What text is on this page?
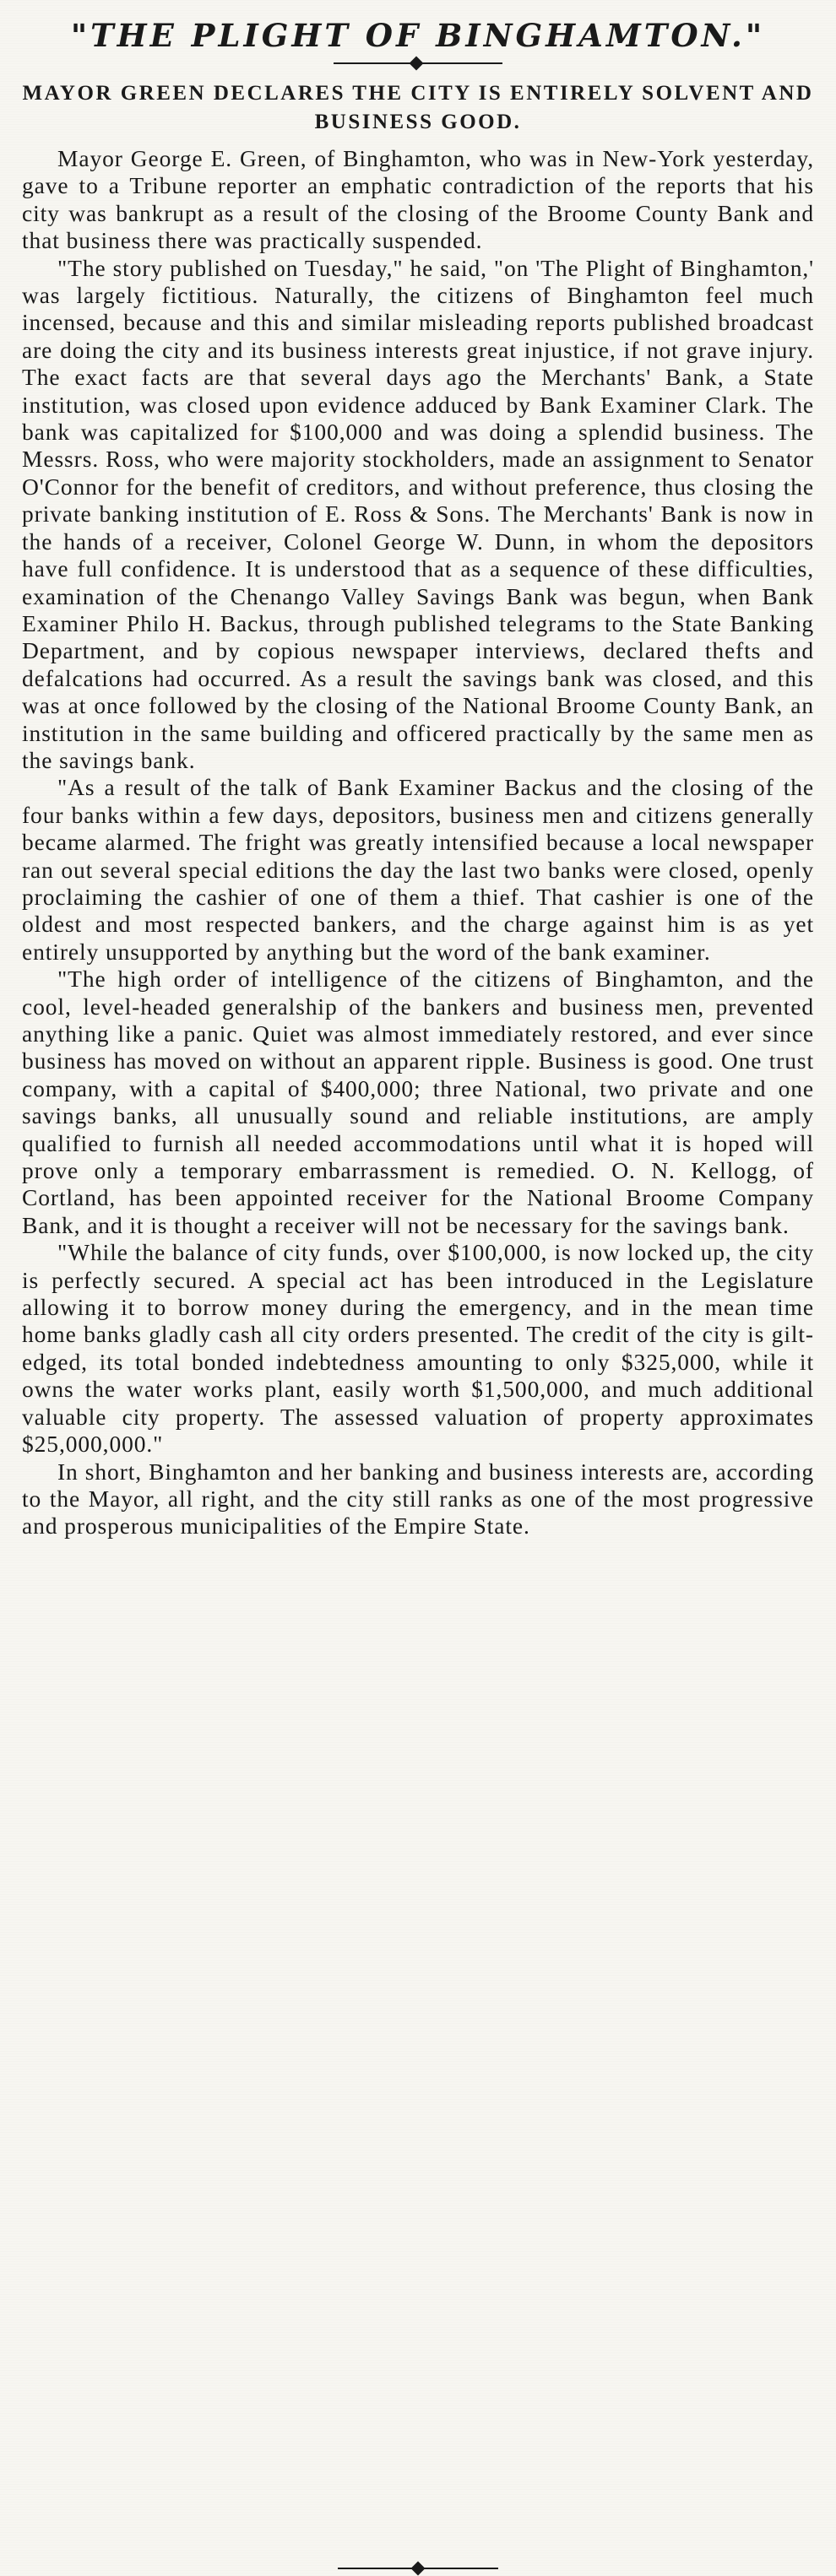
"THE PLIGHT OF BINGHAMTON."
MAYOR GREEN DECLARES THE CITY IS ENTIRELY SOLVENT AND BUSINESS GOOD.

Mayor George E. Green, of Binghamton, who was in New-York yesterday, gave to a Tribune reporter an emphatic contradiction of the reports that his city was bankrupt as a result of the closing of the Broome County Bank and that business there was practically suspended.

"The story published on Tuesday," he said, "on 'The Plight of Binghamton,' was largely fictitious. Naturally, the citizens of Binghamton feel much incensed, because and this and similar misleading reports published broadcast are doing the city and its business interests great injustice, if not grave injury. The exact facts are that several days ago the Merchants' Bank, a State institution, was closed upon evidence adduced by Bank Examiner Clark. The bank was capitalized for $100,000 and was doing a splendid business. The Messrs. Ross, who were majority stockholders, made an assignment to Senator O'Connor for the benefit of creditors, and without preference, thus closing the private banking institution of E. Ross & Sons. The Merchants' Bank is now in the hands of a receiver, Colonel George W. Dunn, in whom the depositors have full confidence. It is understood that as a sequence of these difficulties, examination of the Chenango Valley Savings Bank was begun, when Bank Examiner Philo H. Backus, through published telegrams to the State Banking Department, and by copious newspaper interviews, declared thefts and defalcations had occurred. As a result the savings bank was closed, and this was at once followed by the closing of the National Broome County Bank, an institution in the same building and officered practically by the same men as the savings bank.

"As a result of the talk of Bank Examiner Backus and the closing of the four banks within a few days, depositors, business men and citizens generally became alarmed. The fright was greatly intensified because a local newspaper ran out several special editions the day the last two banks were closed, openly proclaiming the cashier of one of them a thief. That cashier is one of the oldest and most respected bankers, and the charge against him is as yet entirely unsupported by anything but the word of the bank examiner.

"The high order of intelligence of the citizens of Binghamton, and the cool, level-headed generalship of the bankers and business men, prevented anything like a panic. Quiet was almost immediately restored, and ever since business has moved on without an apparent ripple. Business is good. One trust company, with a capital of $400,000; three National, two private and one savings banks, all unusually sound and reliable institutions, are amply qualified to furnish all needed accommodations until what it is hoped will prove only a temporary embarrassment is remedied. O. N. Kellogg, of Cortland, has been appointed receiver for the National Broome Company Bank, and it is thought a receiver will not be necessary for the savings bank.

"While the balance of city funds, over $100,000, is now locked up, the city is perfectly secured. A special act has been introduced in the Legislature allowing it to borrow money during the emergency, and in the mean time home banks gladly cash all city orders presented. The credit of the city is gilt-edged, its total bonded indebtedness amounting to only $325,000, while it owns the water works plant, easily worth $1,500,000, and much additional valuable city property. The assessed valuation of property approximates $25,000,000."

In short, Binghamton and her banking and business interests are, according to the Mayor, all right, and the city still ranks as one of the most progressive and prosperous municipalities of the Empire State.
